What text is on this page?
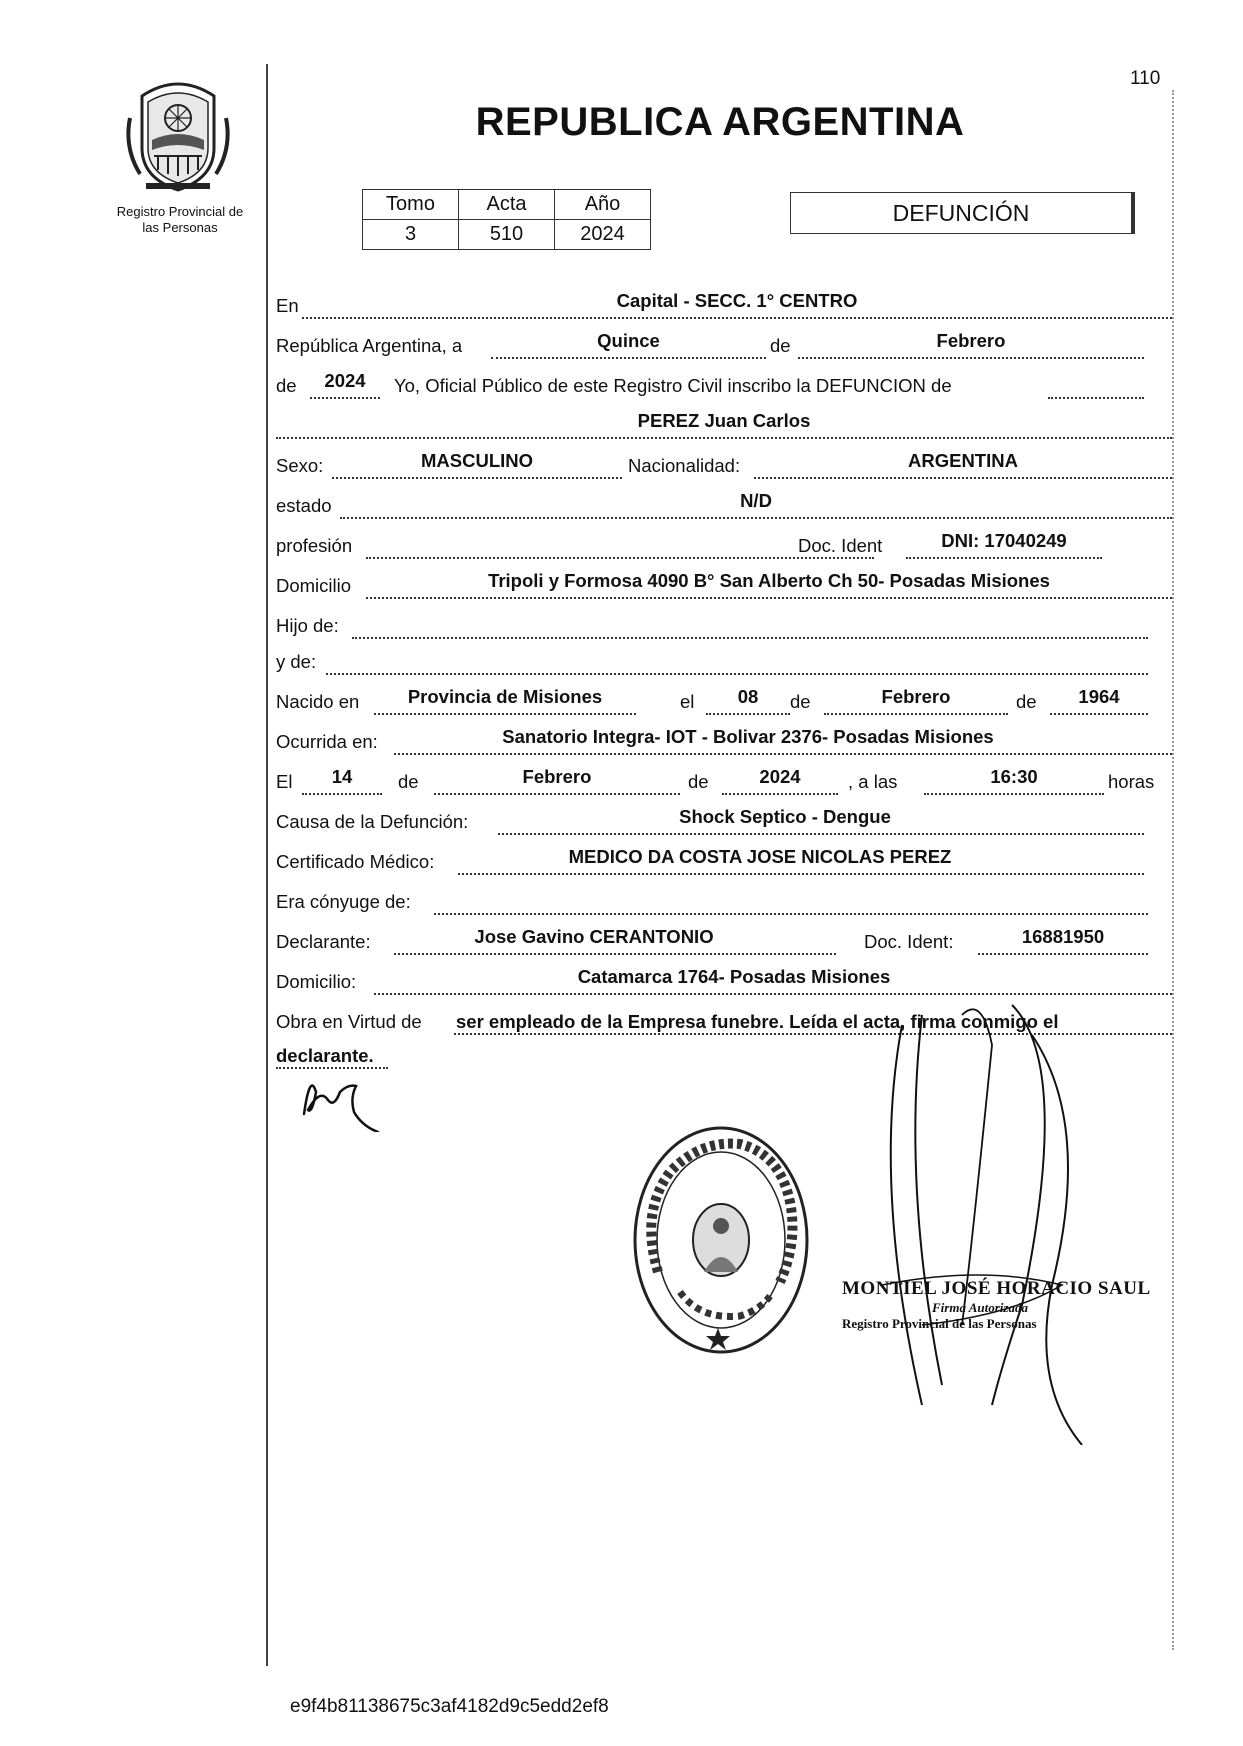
110
Registro Provincial de
las Personas
REPUBLICA ARGENTINA
Tomo	Acta	Año
3	510	2024
DEFUNCIÓN
En	Capital - SECC. 1° CENTRO
República Argentina, a	Quince	de	Febrero
de	2024	Yo, Oficial Público de este Registro Civil inscribo la DEFUNCION de
PEREZ Juan Carlos
Sexo:	MASCULINO	Nacionalidad:	ARGENTINA
estado	N/D
profesión	Doc. Ident	DNI: 17040249
Domicilio	Tripoli y Formosa 4090 B° San Alberto Ch 50- Posadas Misiones
Hijo de:
y de:
Nacido en	Provincia de Misiones	el	08	de	Febrero	de	1964
Ocurrida en:	Sanatorio Integra- IOT - Bolivar 2376- Posadas Misiones
El	14	de	Febrero	de	2024	, a las	16:30	horas
Causa de la Defunción:	Shock Septico - Dengue
Certificado Médico:	MEDICO DA COSTA JOSE NICOLAS PEREZ
Era cónyuge de:
Declarante:	Jose Gavino CERANTONIO	Doc. Ident:	16881950
Domicilio:	Catamarca 1764- Posadas Misiones
Obra en Virtud de ser empleado de la Empresa funebre. Leída el acta, firma conmigo el
declarante.
MONTIEL JOSÉ HORACIO SAUL
Firma Autorizada
Registro Provincial de las Personas
e9f4b81138675c3af4182d9c5edd2ef8
